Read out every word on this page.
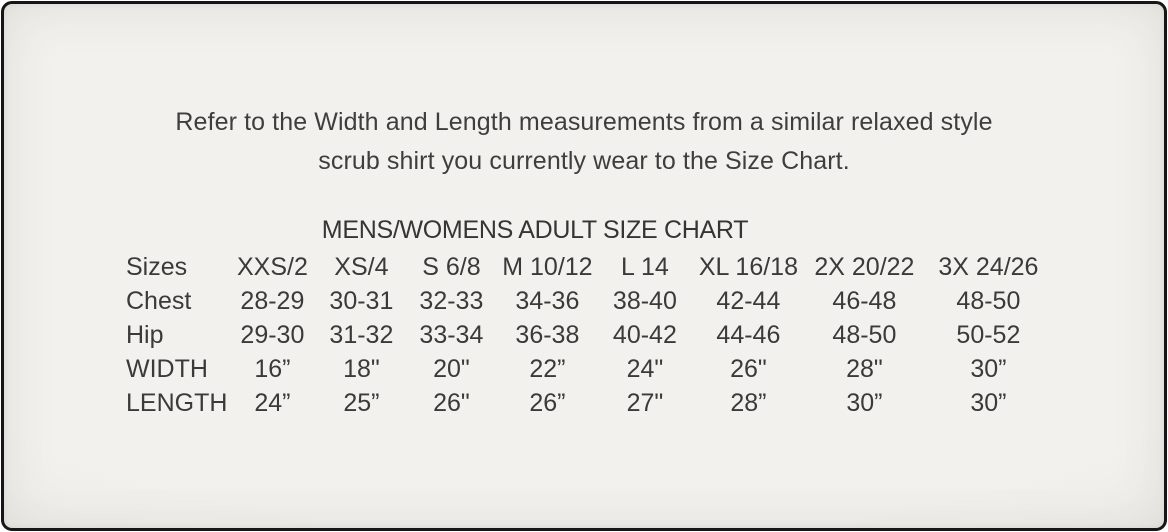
Refer to the Width and Length measurements from a similar relaxed style
scrub shirt you currently wear to the Size Chart.
MENS/WOMENS ADULT SIZE CHART
Sizes	XXS/2	XS/4	S 6/8	M 10/12	L 14	XL 16/18	2X 20/22	3X 24/26
Chest	28-29	30-31	32-33	34-36	38-40	42-44	46-48	48-50
Hip	29-30	31-32	33-34	36-38	40-42	44-46	48-50	50-52
WIDTH	16”	18"	20"	22”	24"	26"	28"	30”
LENGTH	24”	25”	26"	26”	27"	28”	30”	30”
